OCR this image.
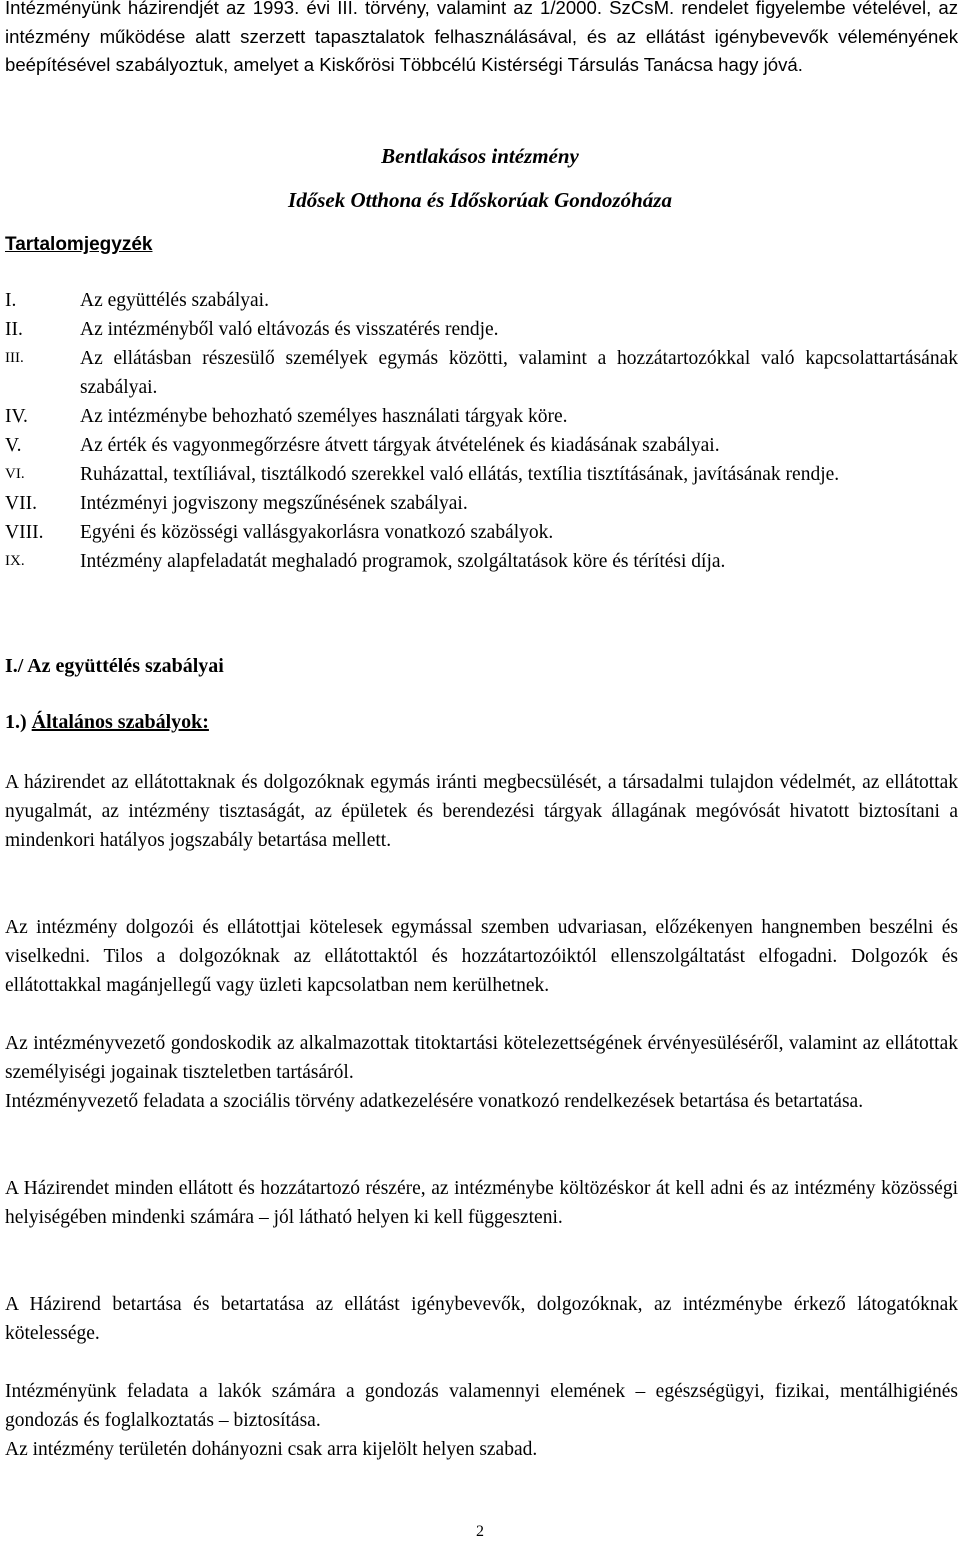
Intézményünk házirendjét az 1993. évi III. törvény, valamint az 1/2000. SzCsM. rendelet figyelembe vételével, az intézmény működése alatt szerzett tapasztalatok felhasználásával, és az ellátást igénybevevők véleményének beépítésével szabályoztuk, amelyet a Kiskőrösi Többcélú Kistérségi Társulás Tanácsa hagy jóvá.
Bentlakásos intézmény
Idősek Otthona és Időskorúak Gondozóháza
Tartalomjegyzék
I.	Az együttélés szabályai.
II.	Az intézményből való eltávozás és visszatérés rendje.
III.	Az ellátásban részesülő személyek egymás közötti, valamint a hozzátartozókkal való kapcsolattartásának szabályai.
IV.	Az intézménybe behozható személyes használati tárgyak köre.
V.	Az érték és vagyonmegőrzésre átvett tárgyak átvételének és kiadásának szabályai.
VI.	Ruházattal, textíliával, tisztálkodó szerekkel való ellátás, textília tisztításának, javításának rendje.
VII.	Intézményi jogviszony megszűnésének szabályai.
VIII.	Egyéni és közösségi vallásgyakorlásra vonatkozó szabályok.
IX.	Intézmény alapfeladatát meghaladó programok, szolgáltatások köre és térítési díja.
I./ Az együttélés szabályai
1.) Általános szabályok:

A házirendet az ellátottaknak és dolgozóknak egymás iránti megbecsülését, a társadalmi tulajdon védelmét, az ellátottak nyugalmát, az intézmény tisztaságát, az épületek és berendezési tárgyak állagának megóvósát hivatott biztosítani a mindenkori hatályos jogszabály betartása mellett.

Az intézmény dolgozói és ellátottjai kötelesek egymással szemben udvariasan, előzékenyen hangnemben beszélni és viselkedni. Tilos a dolgozóknak az ellátottaktól és hozzátartozóiktól ellenszolgáltatást elfogadni. Dolgozók és ellátottakkal magánjellegű vagy üzleti kapcsolatban nem kerülhetnek.

Az intézményvezető gondoskodik az alkalmazottak titoktartási kötelezettségének érvényesüléséről, valamint az ellátottak személyiségi jogainak tiszteletben tartásáról.

Intézményvezető feladata a szociális törvény adatkezelésére vonatkozó rendelkezések betartása és betartatása.

A Házirendet minden ellátott és hozzátartozó részére, az intézménybe költözéskor át kell adni és az intézmény közösségi helyiségében mindenki számára – jól látható helyen ki kell függeszteni.

A Házirend betartása és betartatása az ellátást igénybevevők, dolgozóknak, az intézménybe érkező látogatóknak kötelessége.

Intézményünk feladata a lakók számára a gondozás valamennyi elemének – egészségügyi, fizikai, mentálhigiénés gondozás és foglalkoztatás – biztosítása.

Az intézmény területén dohányozni csak arra kijelölt helyen szabad.

2
